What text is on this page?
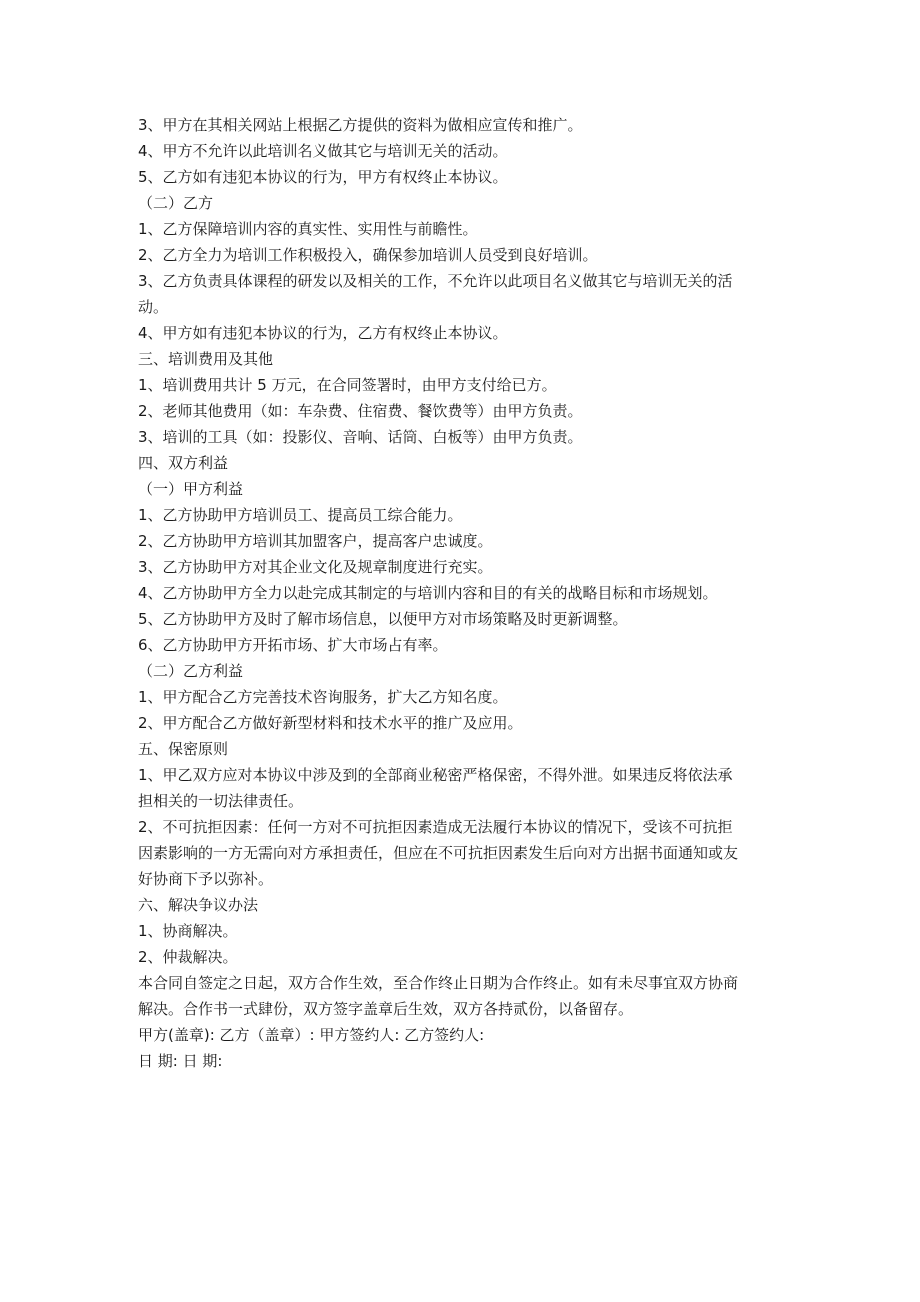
3、甲方在其相关网站上根据乙方提供的资料为做相应宣传和推广。

4、甲方不允许以此培训名义做其它与培训无关的活动。

5、乙方如有违犯本协议的行为，甲方有权终止本协议。

（二）乙方

1、乙方保障培训内容的真实性、实用性与前瞻性。

2、乙方全力为培训工作积极投入，确保参加培训人员受到良好培训。

3、乙方负责具体课程的研发以及相关的工作，不允许以此项目名义做其它与培训无关的活

动。

4、甲方如有违犯本协议的行为，乙方有权终止本协议。

三、培训费用及其他

1、培训费用共计 5 万元，在合同签署时，由甲方支付给已方。

2、老师其他费用（如：车杂费、住宿费、餐饮费等）由甲方负责。

3、培训的工具（如：投影仪、音响、话筒、白板等）由甲方负责。

四、双方利益

（一）甲方利益

1、乙方协助甲方培训员工、提高员工综合能力。

2、乙方协助甲方培训其加盟客户，提高客户忠诚度。

3、乙方协助甲方对其企业文化及规章制度进行充实。

4、乙方协助甲方全力以赴完成其制定的与培训内容和目的有关的战略目标和市场规划。

5、乙方协助甲方及时了解市场信息，以便甲方对市场策略及时更新调整。

6、乙方协助甲方开拓市场、扩大市场占有率。

（二）乙方利益

1、甲方配合乙方完善技术咨询服务，扩大乙方知名度。

2、甲方配合乙方做好新型材料和技术水平的推广及应用。

五、保密原则

1、甲乙双方应对本协议中涉及到的全部商业秘密严格保密，不得外泄。如果违反将依法承

担相关的一切法律责任。

2、不可抗拒因素：任何一方对不可抗拒因素造成无法履行本协议的情况下，受该不可抗拒

因素影响的一方无需向对方承担责任，但应在不可抗拒因素发生后向对方出据书面通知或友

好协商下予以弥补。

六、解决争议办法

1、协商解决。

2、仲裁解决。

本合同自签定之日起，双方合作生效，至合作终止日期为合作终止。如有未尽事宜双方协商

解决。合作书一式肆份，双方签字盖章后生效，双方各持贰份，以备留存。

甲方(盖章): 乙方（盖章）: 甲方签约人: 乙方签约人:

日 期: 日 期:
